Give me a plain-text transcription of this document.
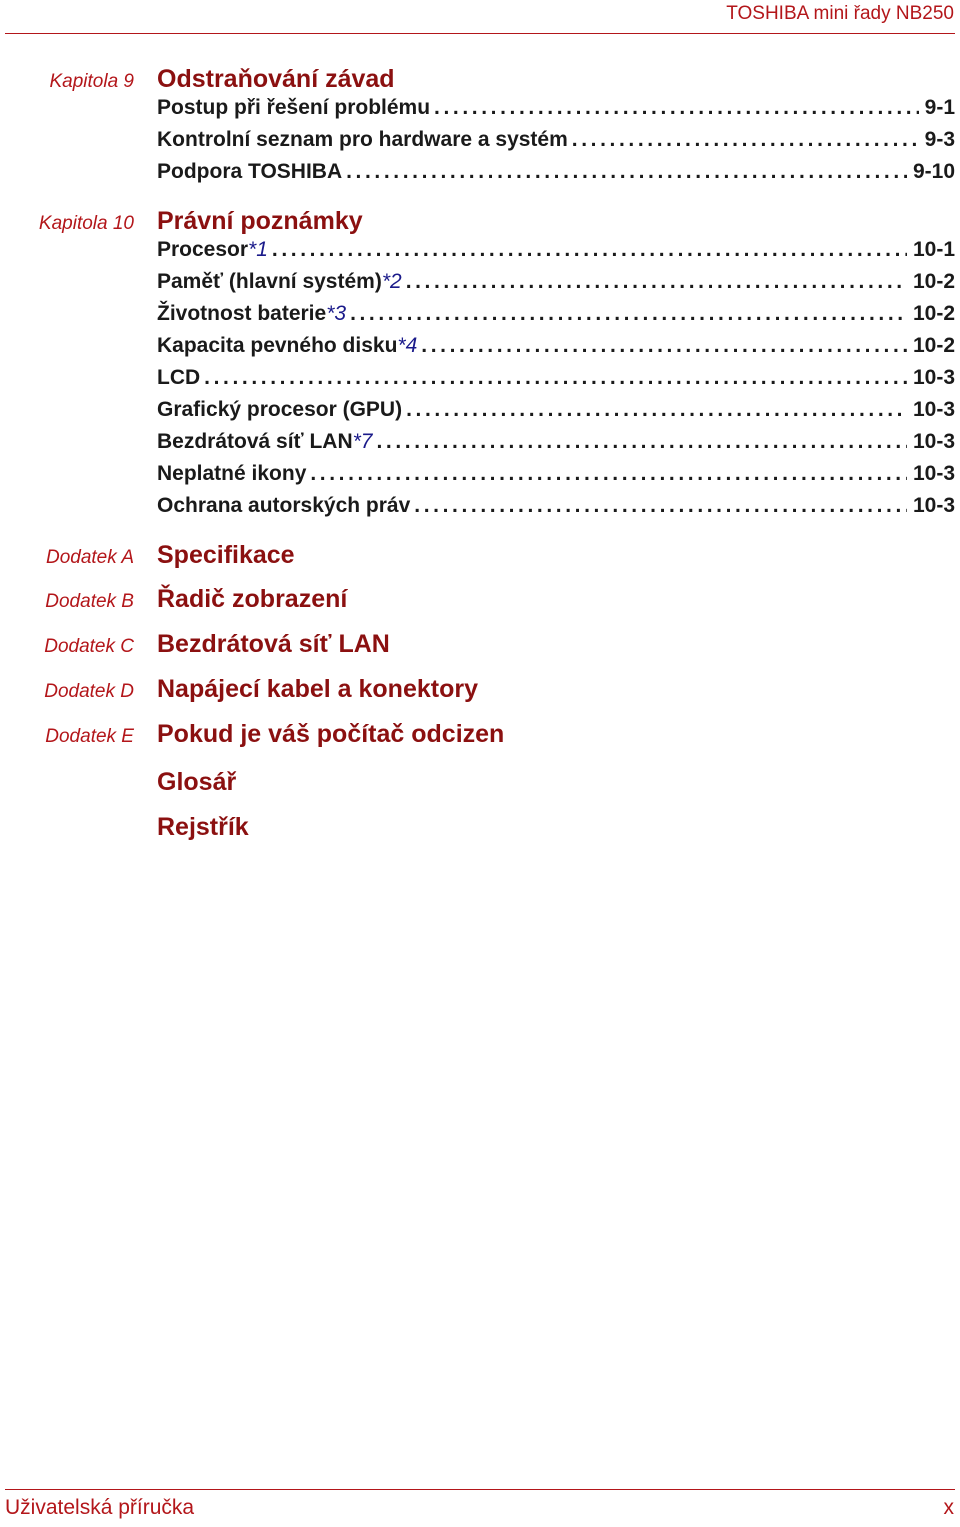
TOSHIBA mini řady NB250
Kapitola 9 Odstraňování závad
Postup při řešení problému .....	9-1
Kontrolní seznam pro hardware a systém .....	9-3
Podpora TOSHIBA .....	9-10
Kapitola 10 Právní poznámky
Procesor *1 .....	10-1
Paměť (hlavní systém) *2 .....	10-2
Životnost baterie *3 .....	10-2
Kapacita pevného disku *4 .....	10-2
LCD .....	10-3
Grafický procesor (GPU) .....	10-3
Bezdrátová síť LAN *7 .....	10-3
Neplatné ikony .....	10-3
Ochrana autorských práv .....	10-3
Dodatek A Specifikace
Dodatek B Řadič zobrazení
Dodatek C Bezdrátová síť LAN
Dodatek D Napájecí kabel a konektory
Dodatek E Pokud je váš počítač odcizen
Glosář
Rejstřík
Uživatelská příručka	x
